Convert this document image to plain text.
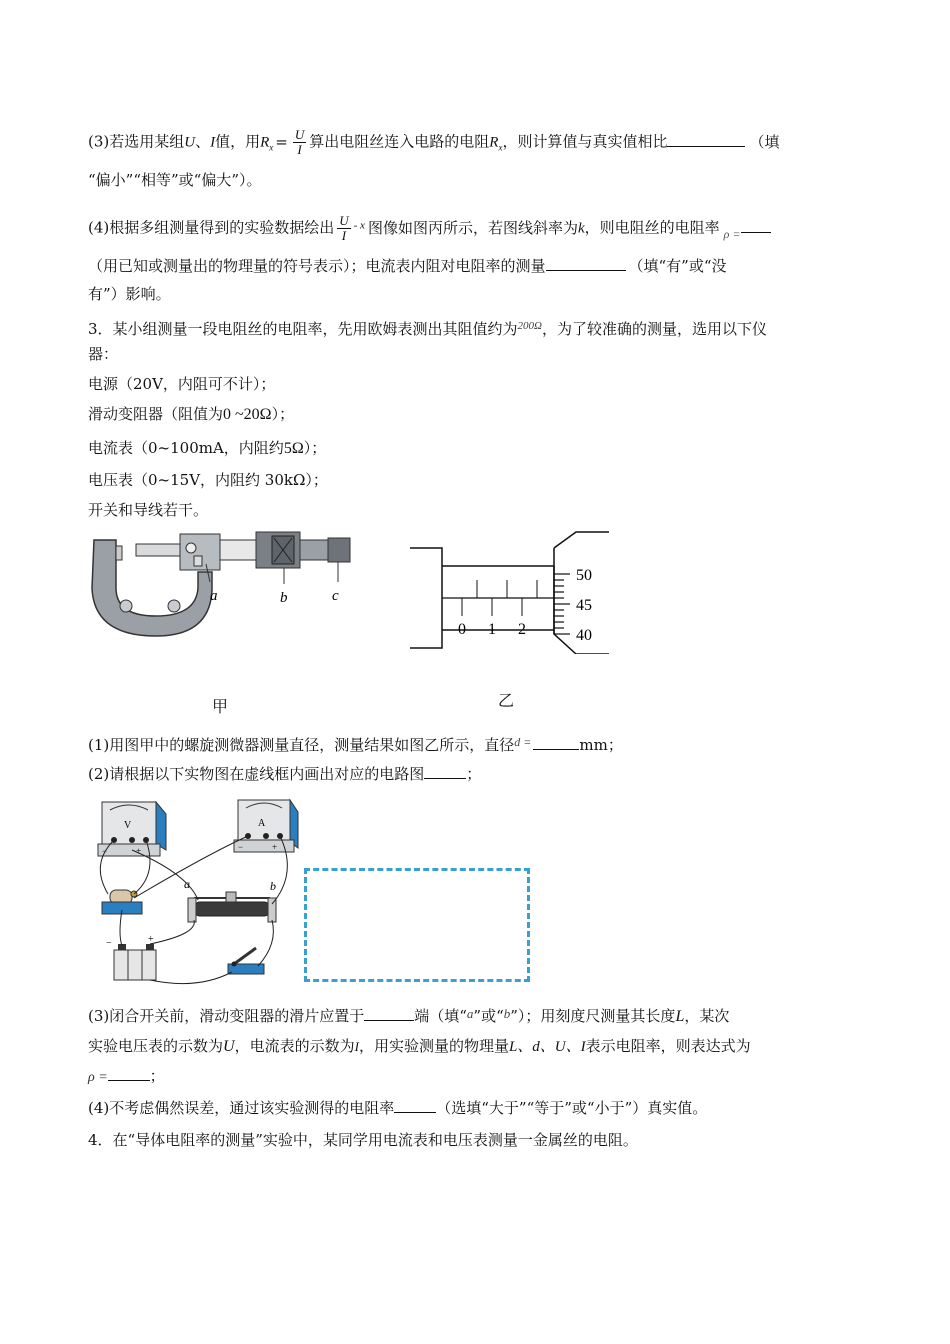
(3)若选用某组U、I值，用$R_x = \frac{U}{I}$ 算出电阻丝连入电路的电阻$R_x$，则计算值与真实值相比	（填
“偏小”“相等”或“偏大”）。
(4)根据多组测量得到的实验数据绘出 $\frac{U}{I} ^{- x}$ 图像如图丙所示，若图线斜率为k，则电阻丝的电阻率 $_{\rho =}$
（用已知或测量出的物理量的符号表示）；电流表内阻对电阻率的测量	（填“有”或“没
有”）影响。
3．某小组测量一段电阻丝的电阻率，先用欧姆表测出其阻值约为$^{200\Omega}$，为了较准确的测量，选用以下仪
器：
电源（20V，内阻可不计）；
滑动变阻器（阻值为0 ~20Ω）；
电流表（0~100mA，内阻约5Ω）；
电压表（0~15V，内阻约 30kΩ）；
开关和导线若干。
a	b	c
甲
0 1 2
50
45
40
乙
(1)用图甲中的螺旋测微器测量直径，测量结果如图乙所示，直径$^{d =}$	mm；
(2)请根据以下实物图在虚线框内画出对应的电路图	；
V
−	+
A
−	+
a	b
−	+
(3)闭合开关前，滑动变阻器的滑片应置于	端（填“a”或“b”）；用刻度尺测量其长度L，某次
实验电压表的示数为U，电流表的示数为I，用实验测量的物理量L、d、U、I表示电阻率，则表达式为
ρ =	；
(4)不考虑偶然误差，通过该实验测得的电阻率	（选填“大于”“等于”或“小于”）真实值。
4．在“导体电阻率的测量”实验中，某同学用电流表和电压表测量一金属丝的电阻。
